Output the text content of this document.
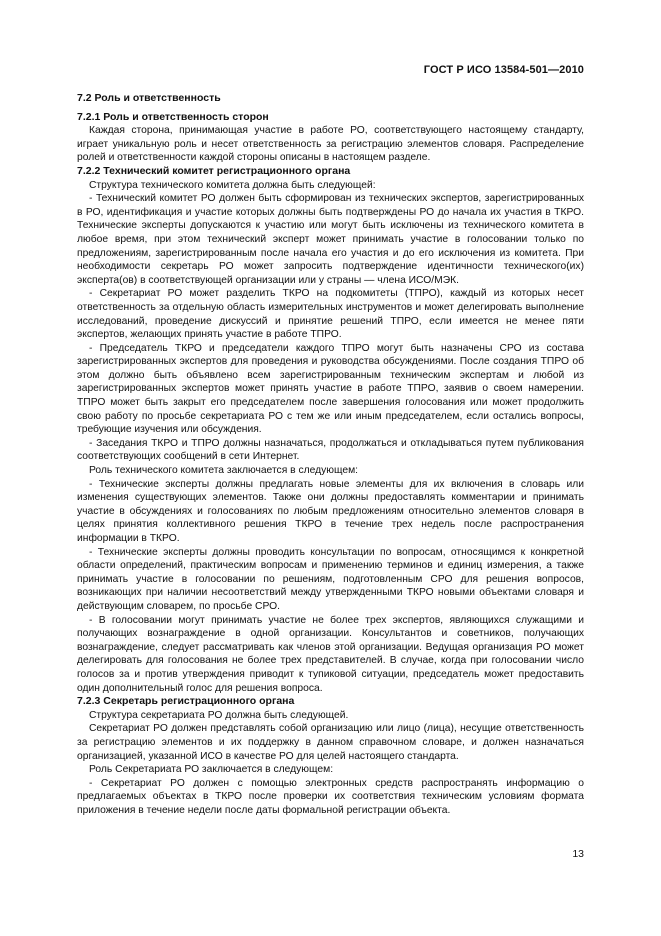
ГОСТ Р ИСО 13584-501—2010
7.2 Роль и ответственность
7.2.1 Роль и ответственность сторон

Каждая сторона, принимающая участие в работе РО, соответствующего настоящему стандарту, играет уникальную роль и несет ответственность за регистрацию элементов словаря. Распределение ролей и ответственности каждой стороны описаны в настоящем разделе.

7.2.2 Технический комитет регистрационного органа

Структура технического комитета должна быть следующей:

- Технический комитет РО должен быть сформирован из технических экспертов, зарегистрированных в РО, идентификация и участие которых должны быть подтверждены РО до начала их участия в ТКРО. Технические эксперты допускаются к участию или могут быть исключены из технического комитета в любое время, при этом технический эксперт может принимать участие в голосовании только по предложениям, зарегистрированным после начала его участия и до его исключения из комитета. При необходимости секретарь РО может запросить подтверждение идентичности технического(их) эксперта(ов) в соответствующей организации или у страны — члена ИСО/МЭК.

- Секретариат РО может разделить ТКРО на подкомитеты (ТПРО), каждый из которых несет ответственность за отдельную область измерительных инструментов и может делегировать выполнение исследований, проведение дискуссий и принятие решений ТПРО, если имеется не менее пяти экспертов, желающих принять участие в работе ТПРО.

- Председатель ТКРО и председатели каждого ТПРО могут быть назначены СРО из состава зарегистрированных экспертов для проведения и руководства обсуждениями. После создания ТПРО об этом должно быть объявлено всем зарегистрированным техническим экспертам и любой из зарегистрированных экспертов может принять участие в работе ТПРО, заявив о своем намерении. ТПРО может быть закрыт его председателем после завершения голосования или может продолжить свою работу по просьбе секретариата РО с тем же или иным председателем, если остались вопросы, требующие изучения или обсуждения.

- Заседания ТКРО и ТПРО должны назначаться, продолжаться и откладываться путем публикования соответствующих сообщений в сети Интернет.

Роль технического комитета заключается в следующем:

- Технические эксперты должны предлагать новые элементы для их включения в словарь или изменения существующих элементов. Также они должны предоставлять комментарии и принимать участие в обсуждениях и голосованиях по любым предложениям относительно элементов словаря в целях принятия коллективного решения ТКРО в течение трех недель после распространения информации в ТКРО.

- Технические эксперты должны проводить консультации по вопросам, относящимся к конкретной области определений, практическим вопросам и применению терминов и единиц измерения, а также принимать участие в голосовании по решениям, подготовленным СРО для решения вопросов, возникающих при наличии несоответствий между утвержденными ТКРО новыми объектами словаря и действующим словарем, по просьбе СРО.

- В голосовании могут принимать участие не более трех экспертов, являющихся служащими и получающих вознаграждение в одной организации. Консультантов и советников, получающих вознаграждение, следует рассматривать как членов этой организации. Ведущая организация РО может делегировать для голосования не более трех представителей. В случае, когда при голосовании число голосов за и против утверждения приводит к тупиковой ситуации, председатель может предоставить один дополнительный голос для решения вопроса.

7.2.3 Секретарь регистрационного органа

Структура секретариата РО должна быть следующей.

Секретариат РО должен представлять собой организацию или лицо (лица), несущие ответственность за регистрацию элементов и их поддержку в данном справочном словаре, и должен назначаться организацией, указанной ИСО в качестве РО для целей настоящего стандарта.

Роль Секретариата РО заключается в следующем:

- Секретариат РО должен с помощью электронных средств распространять информацию о предлагаемых объектах в ТКРО после проверки их соответствия техническим условиям формата приложения в течение недели после даты формальной регистрации объекта.

13
